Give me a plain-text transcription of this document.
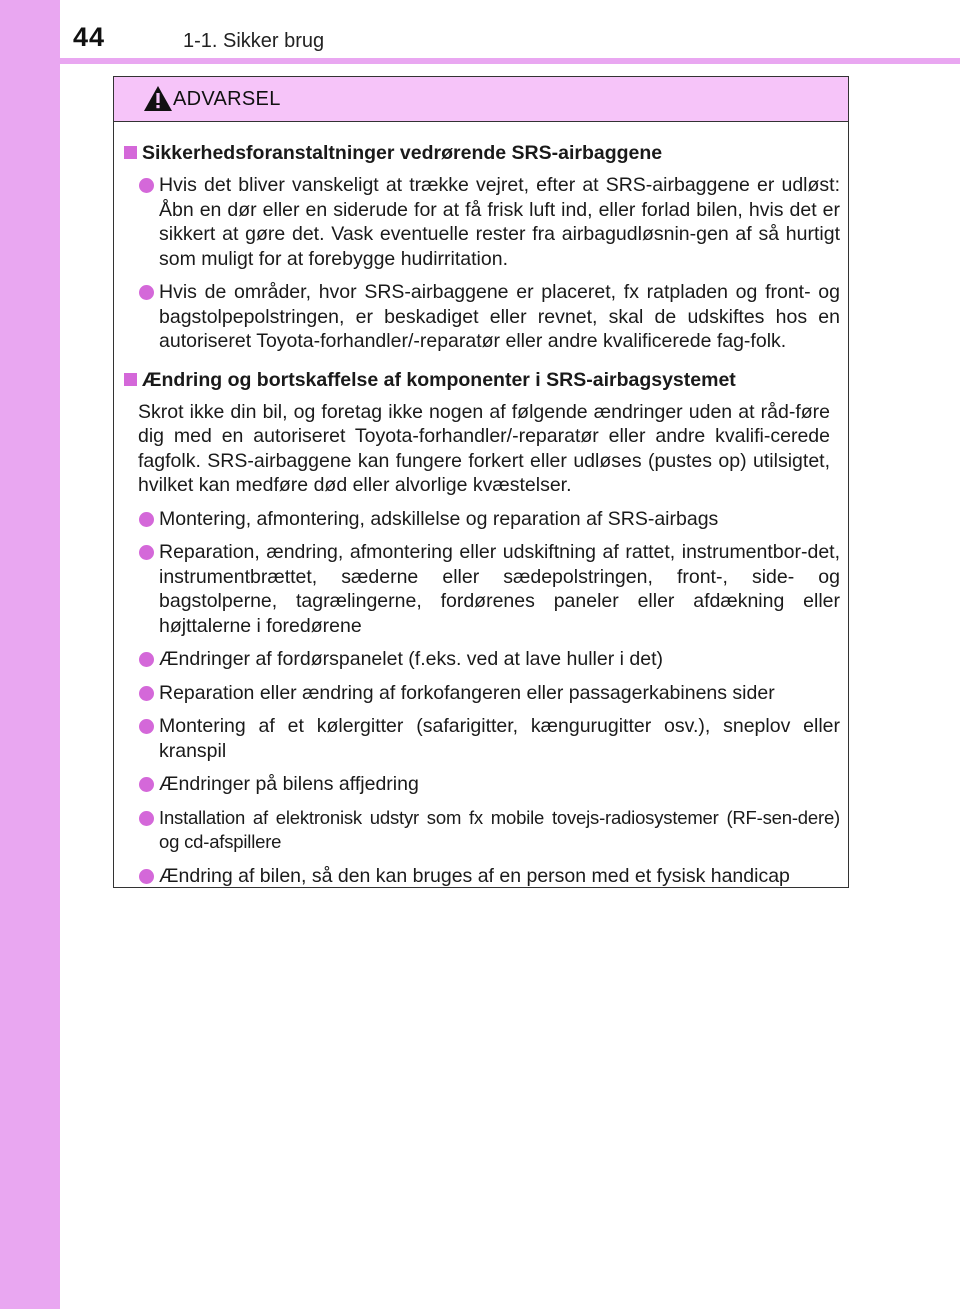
44	1-1. Sikker brug
ADVARSEL
Sikkerhedsforanstaltninger vedrørende SRS-airbaggene
Hvis det bliver vanskeligt at trække vejret, efter at SRS-airbaggene er udløst: Åbn en dør eller en siderude for at få frisk luft ind, eller forlad bilen, hvis det er sikkert at gøre det. Vask eventuelle rester fra airbagudløsnin-gen af så hurtigt som muligt for at forebygge hudirritation.
Hvis de områder, hvor SRS-airbaggene er placeret, fx ratpladen og front- og bagstolpepolstringen, er beskadiget eller revnet, skal de udskiftes hos en autoriseret Toyota-forhandler/-reparatør eller andre kvalificerede fag-folk.
Ændring og bortskaffelse af komponenter i SRS-airbagsystemet
Skrot ikke din bil, og foretag ikke nogen af følgende ændringer uden at råd-føre dig med en autoriseret Toyota-forhandler/-reparatør eller andre kvalifi-cerede fagfolk. SRS-airbaggene kan fungere forkert eller udløses (pustes op) utilsigtet, hvilket kan medføre død eller alvorlige kvæstelser.
Montering, afmontering, adskillelse og reparation af SRS-airbags
Reparation, ændring, afmontering eller udskiftning af rattet, instrumentbor-det, instrumentbrættet, sæderne eller sædepolstringen, front-, side- og bagstolperne, tagrælingerne, fordørenes paneler eller afdækning eller højttalerne i foredørene
Ændringer af fordørspanelet (f.eks. ved at lave huller i det)
Reparation eller ændring af forkofangeren eller passagerkabinens sider
Montering af et kølergitter (safarigitter, kængurugitter osv.), sneplov eller kranspil
Ændringer på bilens affjedring
Installation af elektronisk udstyr som fx mobile tovejs-radiosystemer (RF-sen-dere) og cd-afspillere
Ændring af bilen, så den kan bruges af en person med et fysisk handicap
